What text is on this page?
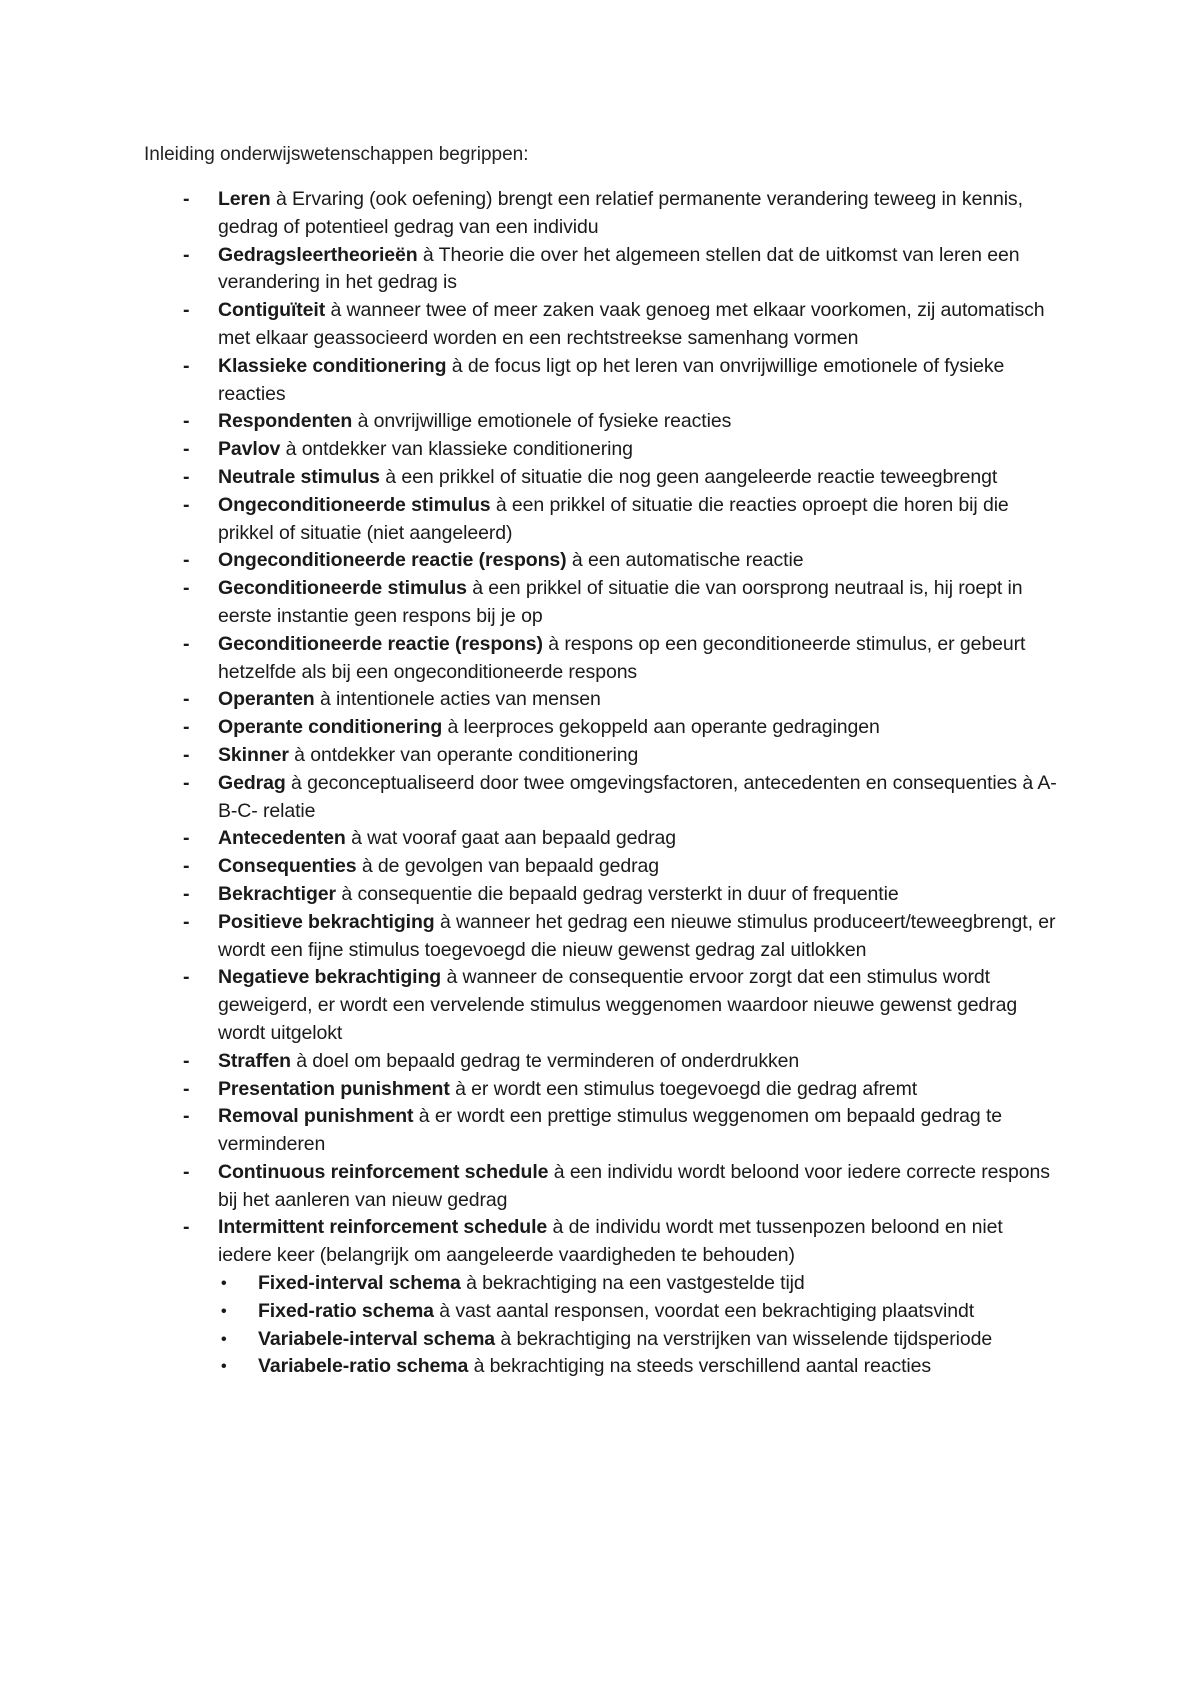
Inleiding onderwijswetenschappen begrippen:
- Leren à Ervaring (ook oefening) brengt een relatief permanente verandering teweeg in kennis, gedrag of potentieel gedrag van een individu
- Gedragsleertheorieën à Theorie die over het algemeen stellen dat de uitkomst van leren een verandering in het gedrag is
- Contiguïteit à wanneer twee of meer zaken vaak genoeg met elkaar voorkomen, zij automatisch met elkaar geassocieerd worden en een rechtstreekse samenhang vormen
- Klassieke conditionering à de focus ligt op het leren van onvrijwillige emotionele of fysieke reacties
- Respondenten à onvrijwillige emotionele of fysieke reacties
- Pavlov à ontdekker van klassieke conditionering
- Neutrale stimulus à een prikkel of situatie die nog geen aangeleerde reactie teweegbrengt
- Ongeconditioneerde stimulus à een prikkel of situatie die reacties oproept die horen bij die prikkel of situatie (niet aangeleerd)
- Ongeconditioneerde reactie (respons) à een automatische reactie
- Geconditioneerde stimulus à een prikkel of situatie die van oorsprong neutraal is, hij roept in eerste instantie geen respons bij je op
- Geconditioneerde reactie (respons) à respons op een geconditioneerde stimulus, er gebeurt hetzelfde als bij een ongeconditioneerde respons
- Operanten à intentionele acties van mensen
- Operante conditionering à leerproces gekoppeld aan operante gedragingen
- Skinner à ontdekker van operante conditionering
- Gedrag à geconceptualiseerd door twee omgevingsfactoren, antecedenten en consequenties à A-B-C- relatie
- Antecedenten à wat vooraf gaat aan bepaald gedrag
- Consequenties à de gevolgen van bepaald gedrag
- Bekrachtiger à consequentie die bepaald gedrag versterkt in duur of frequentie
- Positieve bekrachtiging à wanneer het gedrag een nieuwe stimulus produceert/teweegbrengt, er wordt een fijne stimulus toegevoegd die nieuw gewenst gedrag zal uitlokken
- Negatieve bekrachtiging à wanneer de consequentie ervoor zorgt dat een stimulus wordt geweigerd, er wordt een vervelende stimulus weggenomen waardoor nieuwe gewenst gedrag wordt uitgelokt
- Straffen à doel om bepaald gedrag te verminderen of onderdrukken
- Presentation punishment à er wordt een stimulus toegevoegd die gedrag afremt
- Removal punishment à er wordt een prettige stimulus weggenomen om bepaald gedrag te verminderen
- Continuous reinforcement schedule à een individu wordt beloond voor iedere correcte respons bij het aanleren van nieuw gedrag
- Intermittent reinforcement schedule à de individu wordt met tussenpozen beloond en niet iedere keer (belangrijk om aangeleerde vaardigheden te behouden)
• Fixed-interval schema à bekrachtiging na een vastgestelde tijd
• Fixed-ratio schema à vast aantal responsen, voordat een bekrachtiging plaatsvindt
• Variabele-interval schema à bekrachtiging na verstrijken van wisselende tijdsperiode
• Variabele-ratio schema à bekrachtiging na steeds verschillend aantal reacties
